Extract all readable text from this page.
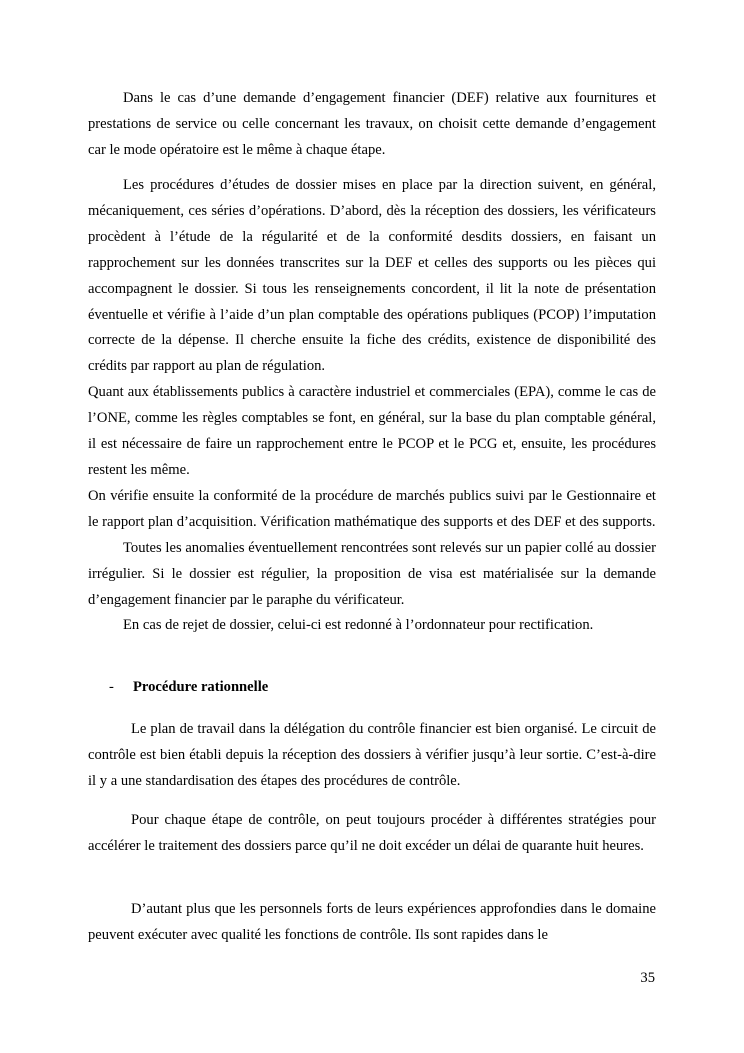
Dans le cas d’une demande d’engagement financier (DEF) relative aux fournitures et prestations de service ou celle concernant les travaux, on choisit cette demande d’engagement car le mode opératoire est le même à chaque étape.

Les procédures d’études de dossier mises en place par la direction suivent, en général, mécaniquement, ces séries d’opérations. D’abord, dès la réception des dossiers, les vérificateurs procèdent à l’étude de la régularité et de la conformité desdits dossiers, en faisant un rapprochement sur les données transcrites sur la DEF et celles des supports ou les pièces qui accompagnent le dossier. Si tous les renseignements concordent, il lit la note de présentation éventuelle et vérifie à l’aide d’un plan comptable des opérations publiques (PCOP) l’imputation correcte de la dépense. Il cherche ensuite la fiche des crédits, existence de disponibilité des crédits par rapport au plan de régulation.

Quant aux établissements publics à caractère industriel et commerciales (EPA), comme le cas de l’ONE, comme les règles comptables se font, en général, sur la base du plan comptable général, il est nécessaire de faire un rapprochement entre le PCOP et le PCG et, ensuite, les procédures restent les même.

On vérifie ensuite la conformité de la procédure de marchés publics suivi par le Gestionnaire et le rapport plan d’acquisition. Vérification mathématique des supports et des DEF et des supports.

Toutes les anomalies éventuellement rencontrées sont relevés sur un papier collé au dossier irrégulier. Si le dossier est régulier, la proposition de visa est matérialisée sur la demande d’engagement financier par le paraphe du vérificateur.

En cas de rejet de dossier, celui-ci est redonné à l’ordonnateur pour rectification.

-	Procédure rationnelle

Le plan de travail dans la délégation du contrôle financier est bien organisé. Le circuit de contrôle est bien établi depuis la réception des dossiers à vérifier jusqu’à leur sortie. C’est-à-dire il y a une standardisation des étapes des procédures de contrôle.

Pour chaque étape de contrôle, on peut toujours procéder à différentes stratégies pour accélérer le traitement des dossiers parce qu’il ne doit excéder un délai de quarante huit heures.

D’autant plus que les personnels forts de leurs expériences approfondies dans le domaine peuvent exécuter avec qualité les fonctions de contrôle. Ils sont rapides dans le

35
